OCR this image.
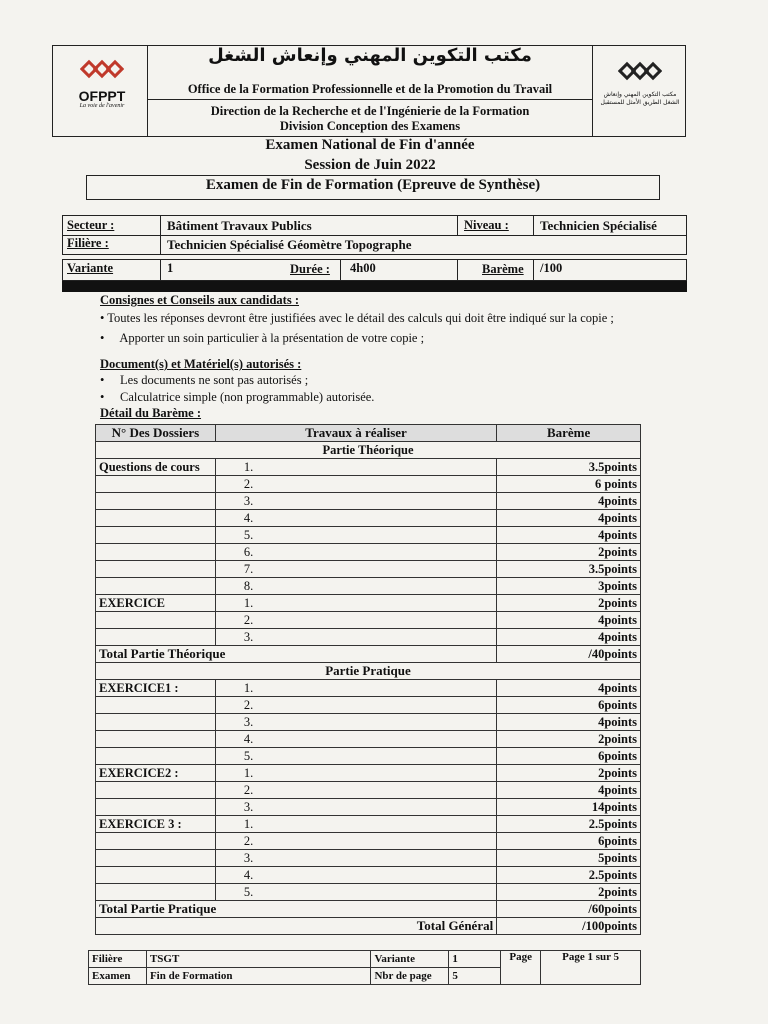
OFPPT
La voie de l'avenir
مكتب التكوين المهني وإنعاش الشغل الطريق الأمثل للمستقبل
مكتب التكوين المهني وإنعاش الشغل
Office de la Formation Professionnelle et de la Promotion du Travail
Direction de la Recherche et de l'Ingénierie de la Formation
Division Conception des Examens
Examen National de Fin d'année
Session de Juin 2022
Examen de Fin de Formation (Epreuve de Synthèse)
Secteur :	Bâtiment Travaux Publics	Niveau : Technicien Spécialisé
Filière :	Technicien Spécialisé Géomètre Topographe
Variante	1	Durée : 4h00	Barème /100
Consignes et Conseils aux candidats :
• Toutes les réponses devront être justifiées avec le détail des calculs qui doit être indiqué sur la copie ;
•     Apporter un soin particulier à la présentation de votre copie ;
Document(s) et Matériel(s) autorisés :
•     Les documents ne sont pas autorisés ;
•     Calculatrice simple (non programmable) autorisée.
Détail du Barème :
N° Des Dossiers	Travaux à réaliser	Barème
Partie Théorique		
Questions de cours	1.	3.5points
	2.	6 points
	3.	4points
	4.	4points
	5.	4points
	6.	2points
	7.	3.5points
	8.	3points
EXERCICE	1.	2points
	2.	4points
	3.	4points
Total Partie Théorique		/40points
Partie Pratique		
EXERCICE1 :	1.	4points
	2.	6points
	3.	4points
	4.	2points
	5.	6points
EXERCICE2 :	1.	2points
	2.	4points
	3.	14points
EXERCICE 3 :	1.	2.5points
	2.	6points
	3.	5points
	4.	2.5points
	5.	2points
Total Partie Pratique		/60points
Total Général		/100points
Filière	TSGT	Variante	1	Page	Page 1 sur 5
Examen	Fin de Formation	Nbr de page	5		
